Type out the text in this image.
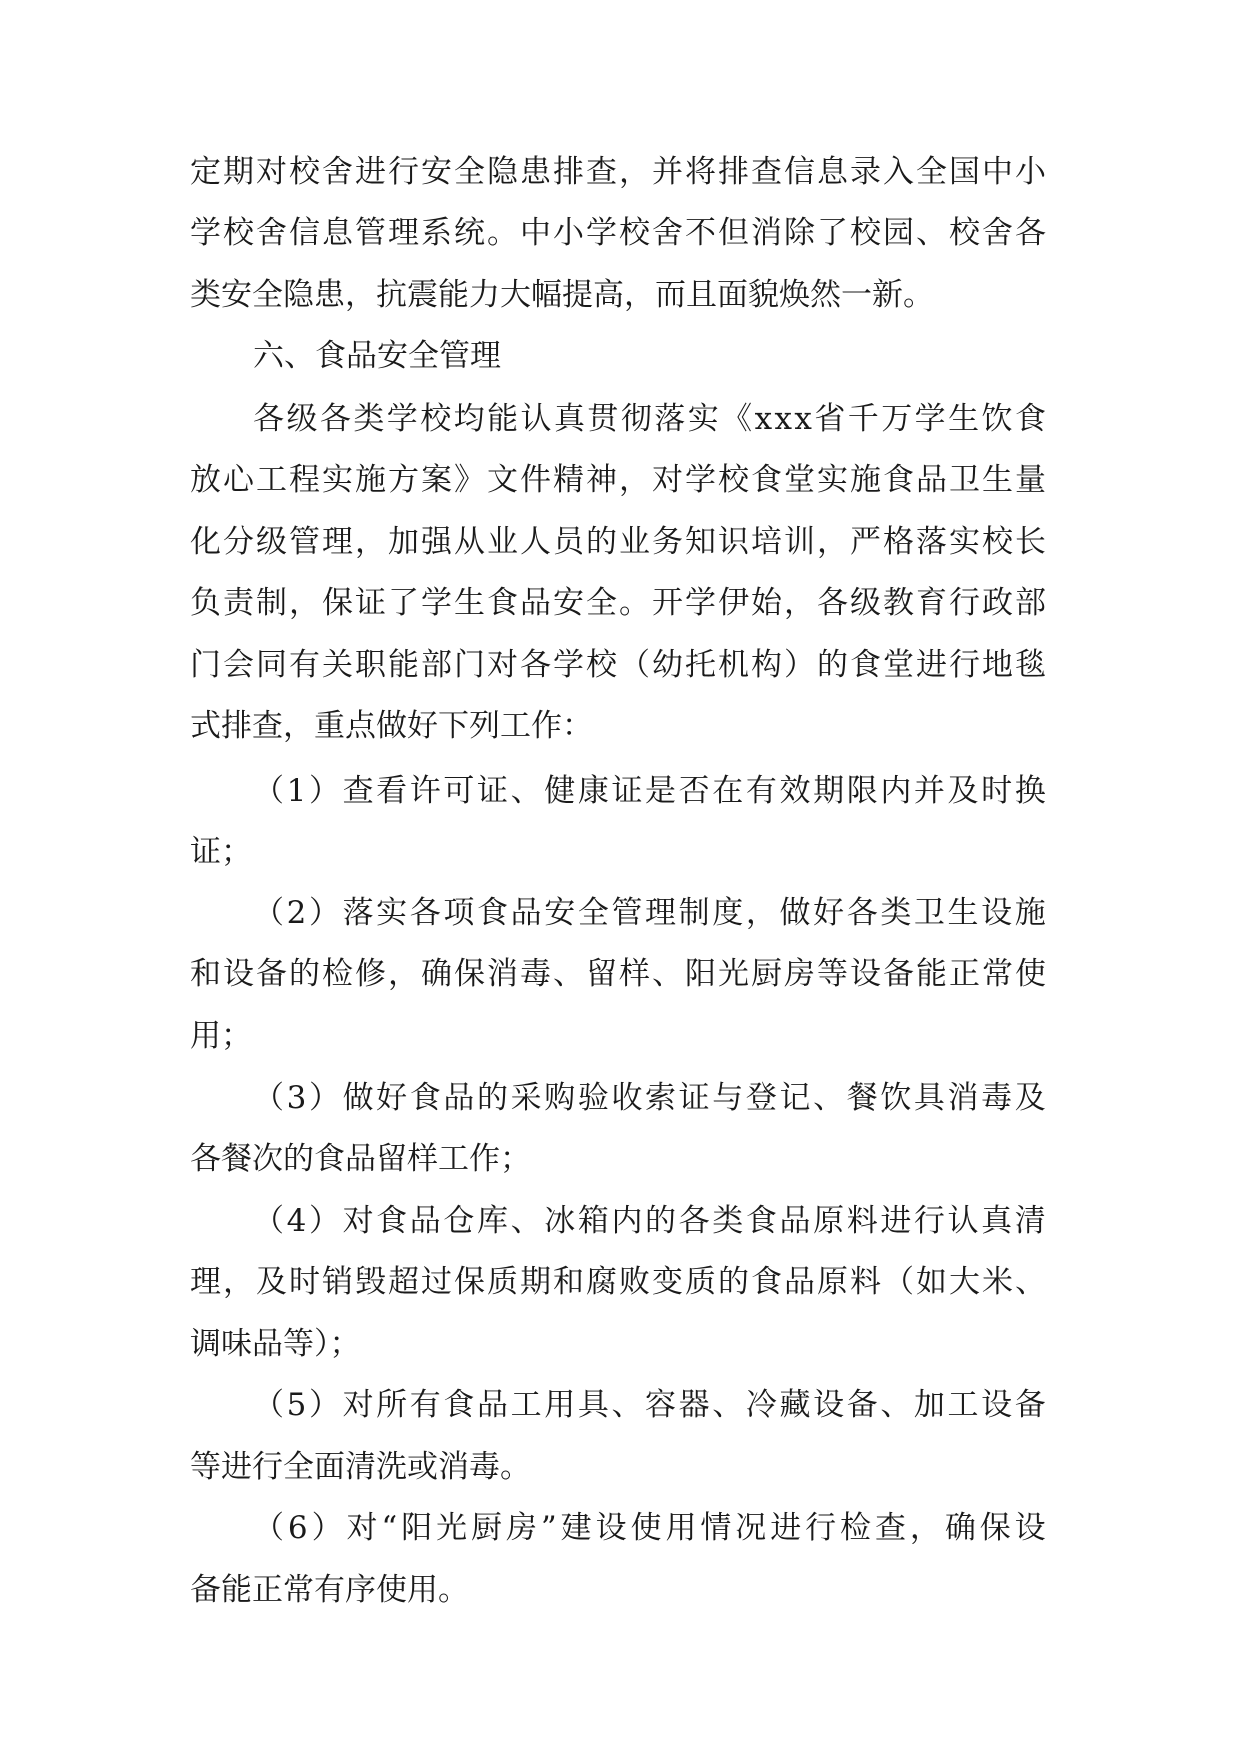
定 期 对 校 舍 进 行 安 全 隐 患 排 查 ， 并 将 排 查 信 息 录 入 全 国 中 小
学 校 舍 信 息 管 理 系 统 。 中 小 学 校 舍 不 但 消 除 了 校 园 、 校 舍 各
类安全隐患，抗震能力大幅提高，而且面貌焕然一新。
六、食品安全管理
各 级 各 类 学 校 均 能 认 真 贯 彻 落 实 《 x x x 省 千 万 学 生 饮 食
放 心 工 程 实 施 方 案 》 文 件 精 神 ， 对 学 校 食 堂 实 施 食 品 卫 生 量
化 分 级 管 理 ， 加 强 从 业 人 员 的 业 务 知 识 培 训 ， 严 格 落 实 校 长
负 责 制 ， 保 证 了 学 生 食 品 安 全 。 开 学 伊 始 ， 各 级 教 育 行 政 部
门 会 同 有 关 职 能 部 门 对 各 学 校 （ 幼 托 机 构 ） 的 食 堂 进 行 地 毯
式排查，重点做好下列工作：
（ 1 ） 查 看 许 可 证 、 健 康 证 是 否 在 有 效 期 限 内 并 及 时 换
证；
（ 2 ） 落 实 各 项 食 品 安 全 管 理 制 度 ， 做 好 各 类 卫 生 设 施
和 设 备 的 检 修 ， 确 保 消 毒 、 留 样 、 阳 光 厨 房 等 设 备 能 正 常 使
用；
（ 3 ） 做 好 食 品 的 采 购 验 收 索 证 与 登 记 、 餐 饮 具 消 毒 及
各餐次的食品留样工作；
（ 4 ） 对 食 品 仓 库 、 冰 箱 内 的 各 类 食 品 原 料 进 行 认 真 清
理 ， 及 时 销 毁 超 过 保 质 期 和 腐 败 变 质 的 食 品 原 料 （ 如 大 米 、
调味品等）；
（ 5 ） 对 所 有 食 品 工 用 具 、 容 器 、 冷 藏 设 备 、 加 工 设 备
等进行全面清洗或消毒。
（ 6 ） 对 “ 阳 光 厨 房 ” 建 设 使 用 情 况 进 行 检 查 ， 确 保 设
备能正常有序使用。
